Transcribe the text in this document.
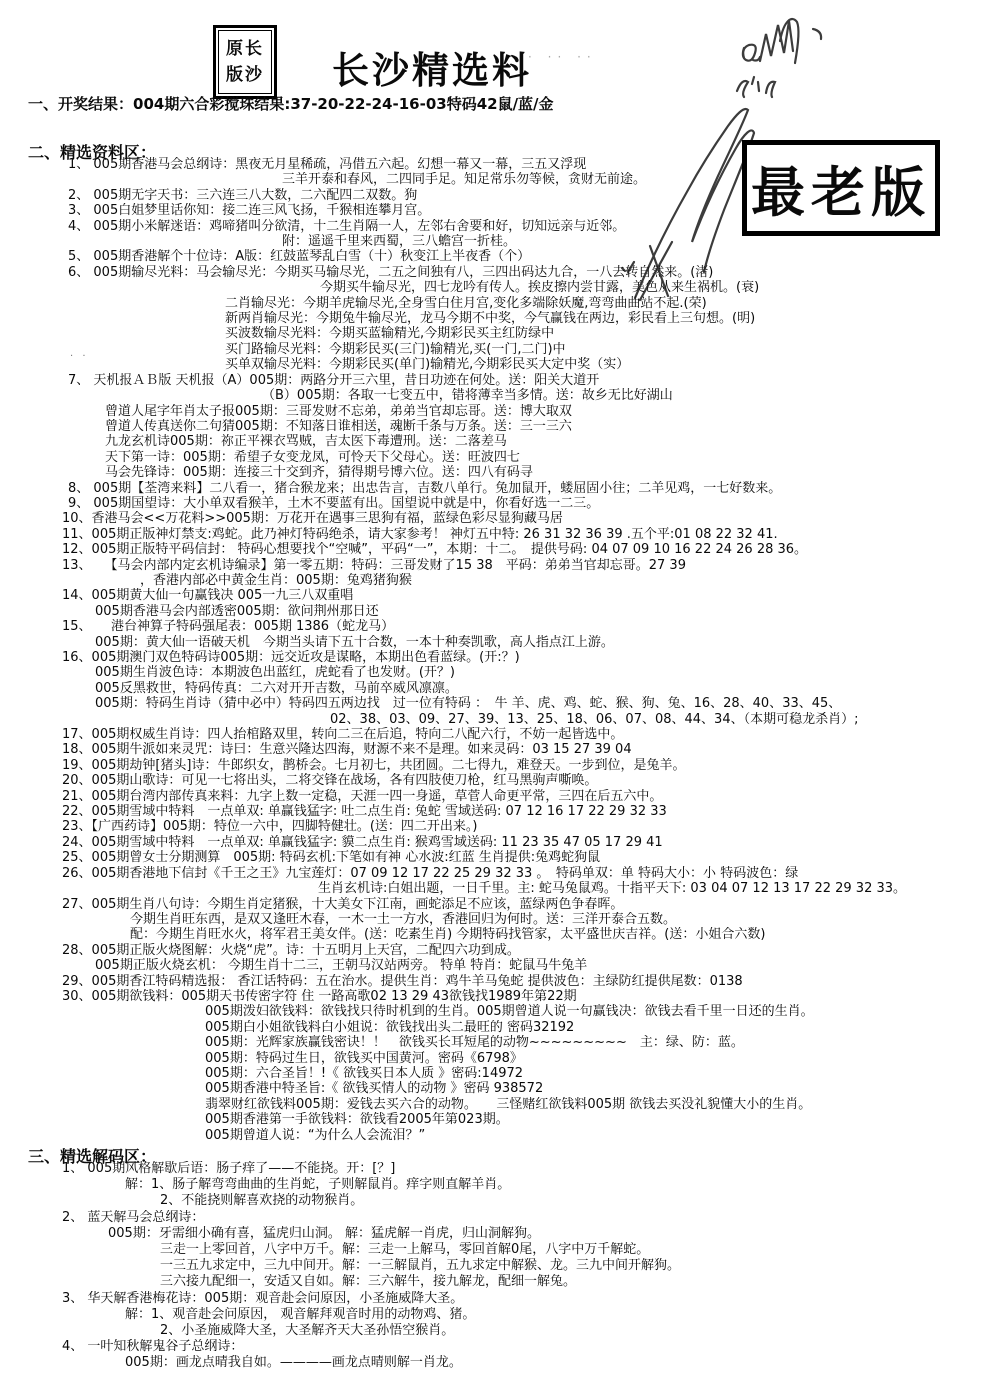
原长
版沙 长沙精选料
· ·· ··
最老版
一、开奖结果：004期六合彩搅珠结果:37-20-22-24-16-03特码42鼠/蓝/金
二、精选资料区：
1、 005期香港马会总纲诗：黑夜无月星稀疏，冯借五六起。幻想一幕又一幕，三五又浮现
三羊开泰和春风，二四同手足。知足常乐勿等候，贪财无前途。
2、 005期无字天书：三六连三八大数，二六配四二双数。狗
3、 005白姐梦里话你知：接二连三风飞扬，千猴相连攀月宫。
4、 005期小米解迷语：鸡啼猪叫分欲清，十二生肖隔一人，左邻右舍要和好，切知远亲与近邻。
附：遥遥千里来西蜀，三八蟾宫一折桂。
5、 005期香港解个十位诗：A版：红鼓蓝琴乱白雪（十）秋变江上半夜香（个）
6、 005期输尽光料：马会输尽光：今期买马输尽光，二五之间独有八，三四出码达九合，一八去转自然来。(渚)
今期买牛输尽光，四七龙吟有传人。挨皮擦内尝甘露，美色从来生祸机。(衰)
二肖输尽光：今期羊虎输尽光,全身雪白住月宫,变化多端除妖魔,弯弯曲曲站不起.(荣)
新两肖输尽光：今期兔牛输尽光，龙马今期不中奖，今气赢钱在两边，彩民看上三句想。(明)
买波数输尽光料：今期买蓝输精光,今期彩民买主红防绿中
买门路输尽光料：今期彩民买(三门)输精光,买(一门,二门)中
买单双输尽光料：今期彩民买(单门)输精光,今期彩民买大定中奖（实）
7、 天机报ＡＢ版 天机报（A）005期：两路分开三六里，昔日功迹在何处。送：阳关大道开
（B）005期：各取一七变五中，错将薄幸当多情。送：故乡无比好湖山
曾道人尾字年肖太子报005期：三哥发财不忘弟，弟弟当官却忘哥。送：博大取双
曾道人传真送你二句猜005期：不知落日谁相送，魂断千条与万条。送：三一三六
九龙玄机诗005期：祢正平裸衣骂贼，吉太医下毒遭刑。送：二落差马
天下第一诗：005期：希望子女变龙凤，可怜天下父母心。送：旺波四七
马会先锋诗：005期：连接三十交到齐，猜得期号博六位。送：四八有码寻
8、 005期【荃湾来料】二八看一，猪合猴龙来；出忠告言，吉数八单行。兔加鼠开，蝼屈固小往；二羊见鸡，一七好数来。
9、 005期国望诗：大小单双看猴羊，土木不要蓝有出。国望说中就是中，你看好选一二三。
10、香港马会<<万花料>>005期：万花开在遇事三思狗有福，蓝绿色彩尽显狗藏马居
11、005期正版神灯禁支:鸡蛇。此乃神灯特码绝杀，请大家参考！ 神灯五中特: 26 31 32 36 39 .五个平:01 08 22 32 41.
12、005期正版特平码信封： 特码心想要找个“空喊”，平码“一”，本期：十二。　提供号码: 04 07 09 10 16 22 24 26 28 36。
13、　　【马会内部内定玄机诗编录】第一零五期：特码：三哥发财了15 38　平码：弟弟当官却忘哥。27 39
，香港内部必中黄金生肖：005期：兔鸡猪狗猴
14、005期黄大仙一句赢钱决 005一九三八双重唱
005期香港马会内部透密005期：欲问荆州那日还
15、　　港台神算子特码强尾表：005期 1386（蛇龙马）
005期：黄大仙一语破天机　今期当头请下五十合数，一本十种奏凯歌，高人指点江上游。
16、005期澳门双色特码诗005期：远交近攻是谋略，本期出色看蓝绿。(开:？)
005期生肖波色诗：本期波色出蓝红，虎蛇看了也发财。(开？)
005反黑救世，特码传真：二六对开开吉数，马前卒威风凛凛。
005期：特码生肖诗（猜中必中）特码四五两边找　过一位有特码 ：　牛 羊、虎、鸡、蛇、猴、狗、兔、16、28、40、33、45、
02、38、03、09、27、39、13、25、18、06、07、08、44、34、（本期可稳龙杀肖）;
17、005期权威生肖诗：四人抬棺路双里，转向二三在后追，特向二八配六行，不妨一起皆选中。
18、005期牛派如来灵咒：诗曰：生意兴隆达四海，财源不来不是理。如来灵码：03 15 27 39 04
19、005期劫钟[猪头]诗：牛郎织女，鹊桥会。七月初七，共团圆。二七得九，难登天。一步到位，是兔羊。
20、005期山歌诗：可见一七将出头，二将交锋在战场，各有四肢使刀枪，红马黑驹声嘶唤。
21、005期台湾内部传真来料：九字上数一定稳，天涯一四一身遥，草菅人命更平常，三四在后五六中。
22、005期雪域中特料　一点单双: 单赢钱猛字: 吐二点生肖: 兔蛇 雪域送码: 07 12 16 17 22 29 32 33
23、【广西药诗】005期：特位一六中，四脚特健壮。(送：四二开出来。)
24、005期雪域中特料　一点单双: 单赢钱猛字: 貘二点生肖: 猴鸡雪域送码: 11 23 35 47 05 17 29 41
25、005期曾女士分期测算　005期: 特码玄机:下笔如有神 心水波:红蓝 生肖提供:兔鸡蛇狗鼠
26、005期香港地下信封《千王之王》九宝莲灯：07 09 12 17 22 25 29 32 33 。　特码单双：单 特码大小：小 特码波色：绿
生肖玄机诗:白姐出题，一日千里。主: 蛇马兔鼠鸡。十指平天下: 03 04 07 12 13 17 22 29 32 33。
27、005期生肖八句诗：今期生肖定猪猴，十大美女下江南，画蛇添足不应该，蓝绿两色争春晖。
今期生肖旺东西，是双又逢旺木春，一木一土一方水，香港回归为何时。送：三洋开泰合五数。
配：今期生肖旺水火，将军君王美女伴。(送：吃素生肖) 今期特码找管家，太平盛世庆吉祥。(送：小姐合六数)
28、005期正版火烧图解：火烧“虎”。诗：十五明月上天宫，二配四六功到成。
005期正版火烧玄机： 今期生肖十二三，王朝马汉站两旁。 特单 特肖：蛇鼠马牛兔羊
29、005期香江特码精选报： 香江话特码：五在治水。提供生肖：鸡牛羊马兔蛇 提供波色：主绿防红提供尾数：0138
30、005期欲钱料：005期天书传密字符 住 一路高歌02 13 29 43欲钱找1989年第22期
005期泼妇欲钱料：欲钱找只待时机到的生肖。005期曾道人说一句赢钱决：欲钱去看千里一日还的生肖。
005期白小姐欲钱料白小姐说：欲钱找出头二最旺的 密码32192
005期：光辉家族赢钱密诀！！　欲钱买长耳短尾的动物~~~~~~~~~　主：绿、防：蓝。
005期：特码过生日，欲钱买中国黄河。密码《6798》
005期：六合圣旨！!《 欲钱买日本人质 》密码:14972
005期香港中特圣旨:《 欲钱买情人的动物 》密码 938572
翡翠财红欲钱料005期：爱钱去买六合的动物。　　三怪赌红欲钱料005期 欲钱去买没礼貌懂大小的生肖。
005期香港第一手欲钱料：欲钱看2005年第023期。
005期曾道人说：“为什么人会流泪？”
三、精选解码区：
1、 005期风格解歇后语：肠子痒了——不能挠。开：[？]
解：1、肠子解弯弯曲曲的生肖蛇，子则解鼠肖。痒字则直解羊肖。
2、不能挠则解喜欢挠的动物猴肖。
2、 蓝天解马会总纲诗：
005期：牙需细小确有喜，猛虎归山洞。 解：猛虎解一肖虎，归山洞解狗。
三走一上零回首，八字中万千。解：三走一上解马，零回首解0尾，八字中万千解蛇。
一三五九求定中，三九中间开。解：一三解鼠肖，五九求定中解猴、龙。三九中间开解狗。
三六接九配细一，安适又自如。解：三六解牛，接九解龙，配细一解兔。
3、 华天解香港梅花诗：005期：观音赴会问原因，小圣施威降大圣。
解：1、观音赴会问原因， 观音解拜观音时用的动物鸡、猪。
2、小圣施威降大圣，大圣解齐天大圣孙悟空猴肖。
4、 一叶知秋解鬼谷子总纲诗：
005期：画龙点晴我自如。————画龙点晴则解一肖龙。
. .
